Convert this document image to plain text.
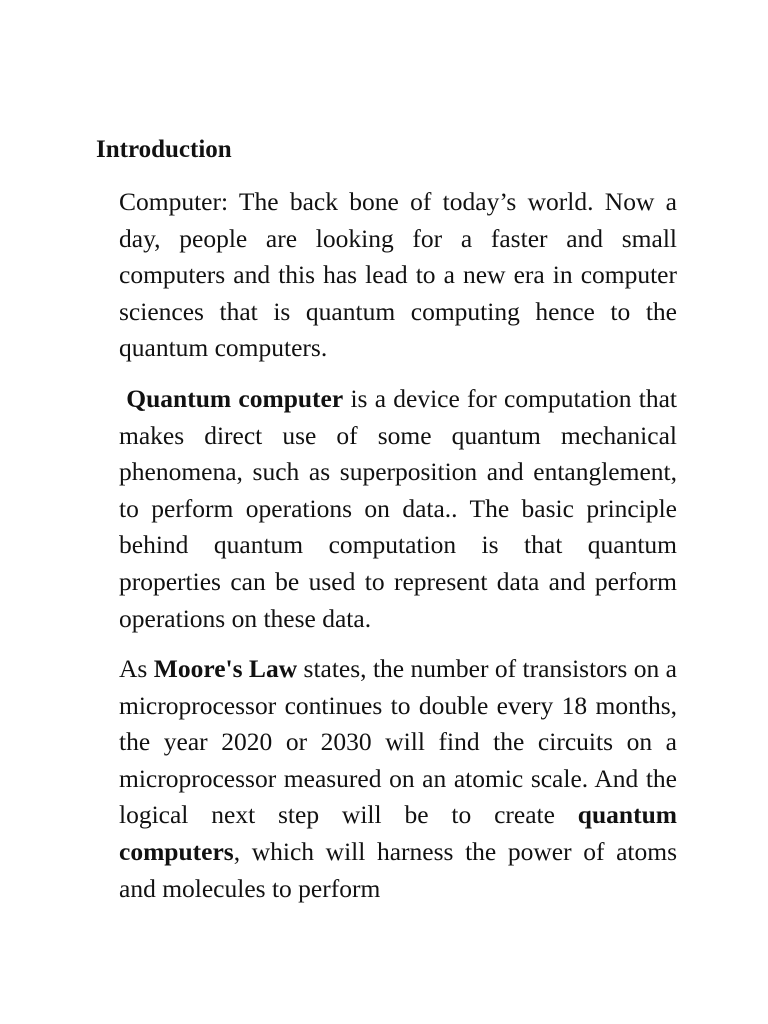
Introduction

Computer: The back bone of today’s world. Now a day, people are looking for a faster and small computers and this has lead to a new era in computer sciences that is quantum computing hence to the quantum computers.

Quantum computer is a device for computation that makes direct use of some quantum mechanical phenomena, such as superposition and entanglement, to perform operations on data.. The basic principle behind quantum computation is that quantum properties can be used to represent data and perform operations on these data.

As Moore's Law states, the number of transistors on a microprocessor continues to double every 18 months, the year 2020 or 2030 will find the circuits on a microprocessor measured on an atomic scale. And the logical next step will be to create quantum computers, which will harness the power of atoms and molecules to perform
